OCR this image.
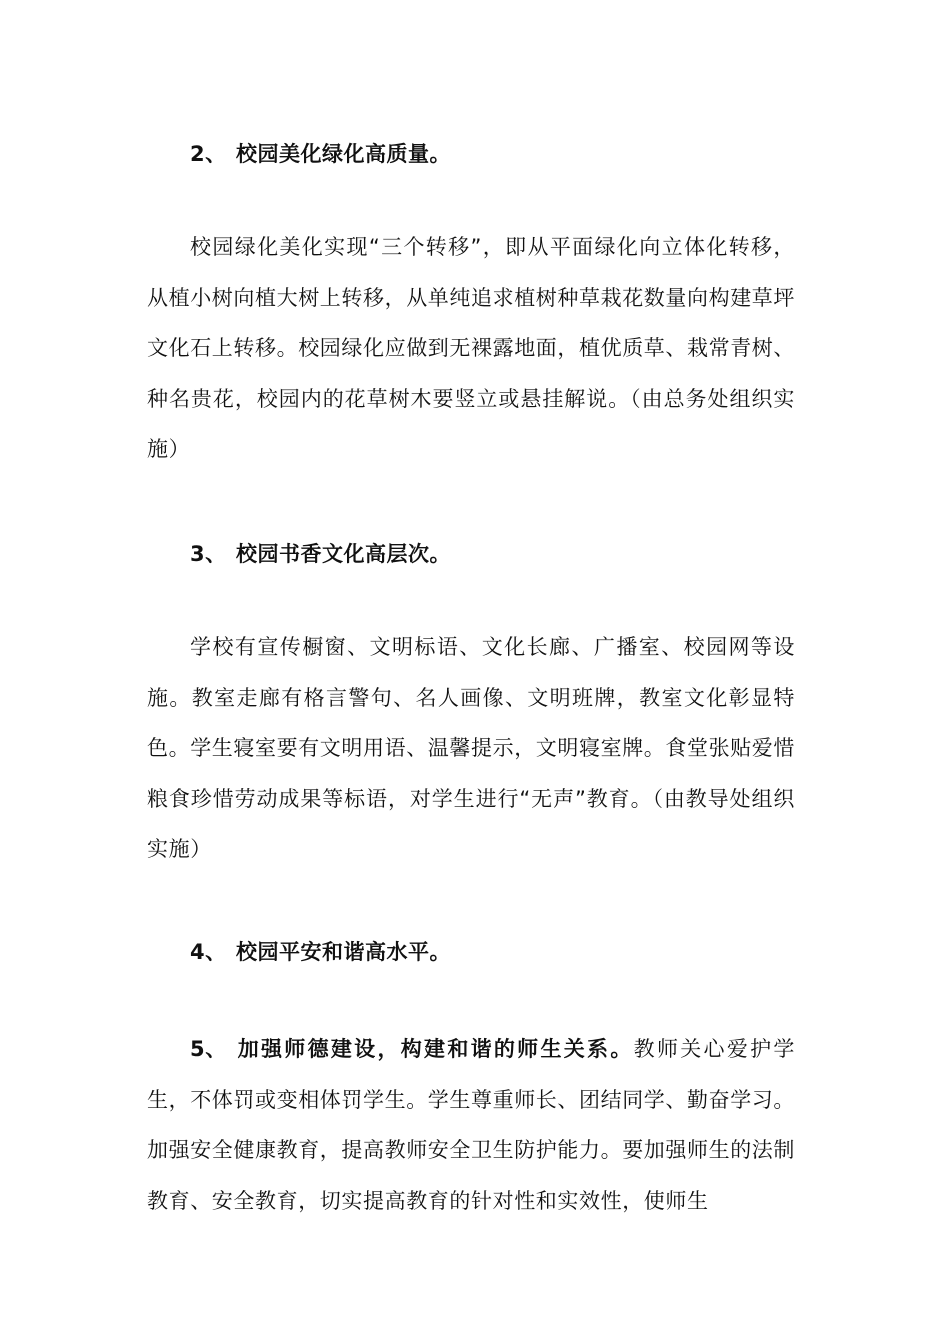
2、 校园美化绿化高质量。
校园绿化美化实现“三个转移”，即从平面绿化向立体化转移，从植小树向植大树上转移，从单纯追求植树种草栽花数量向构建草坪文化石上转移。校园绿化应做到无裸露地面，植优质草、栽常青树、种名贵花，校园内的花草树木要竖立或悬挂解说。（由总务处组织实施）
3、 校园书香文化高层次。
学校有宣传橱窗、文明标语、文化长廊、广播室、校园网等设施。教室走廊有格言警句、名人画像、文明班牌，教室文化彰显特色。学生寝室要有文明用语、温馨提示，文明寝室牌。食堂张贴爱惜粮食珍惜劳动成果等标语，对学生进行“无声”教育。（由教导处组织实施）
4、 校园平安和谐高水平。
5、 加强师德建设，构建和谐的师生关系。教师关心爱护学生，不体罚或变相体罚学生。学生尊重师长、团结同学、勤奋学习。加强安全健康教育，提高教师安全卫生防护能力。要加强师生的法制教育、安全教育，切实提高教育的针对性和实效性，使师生
